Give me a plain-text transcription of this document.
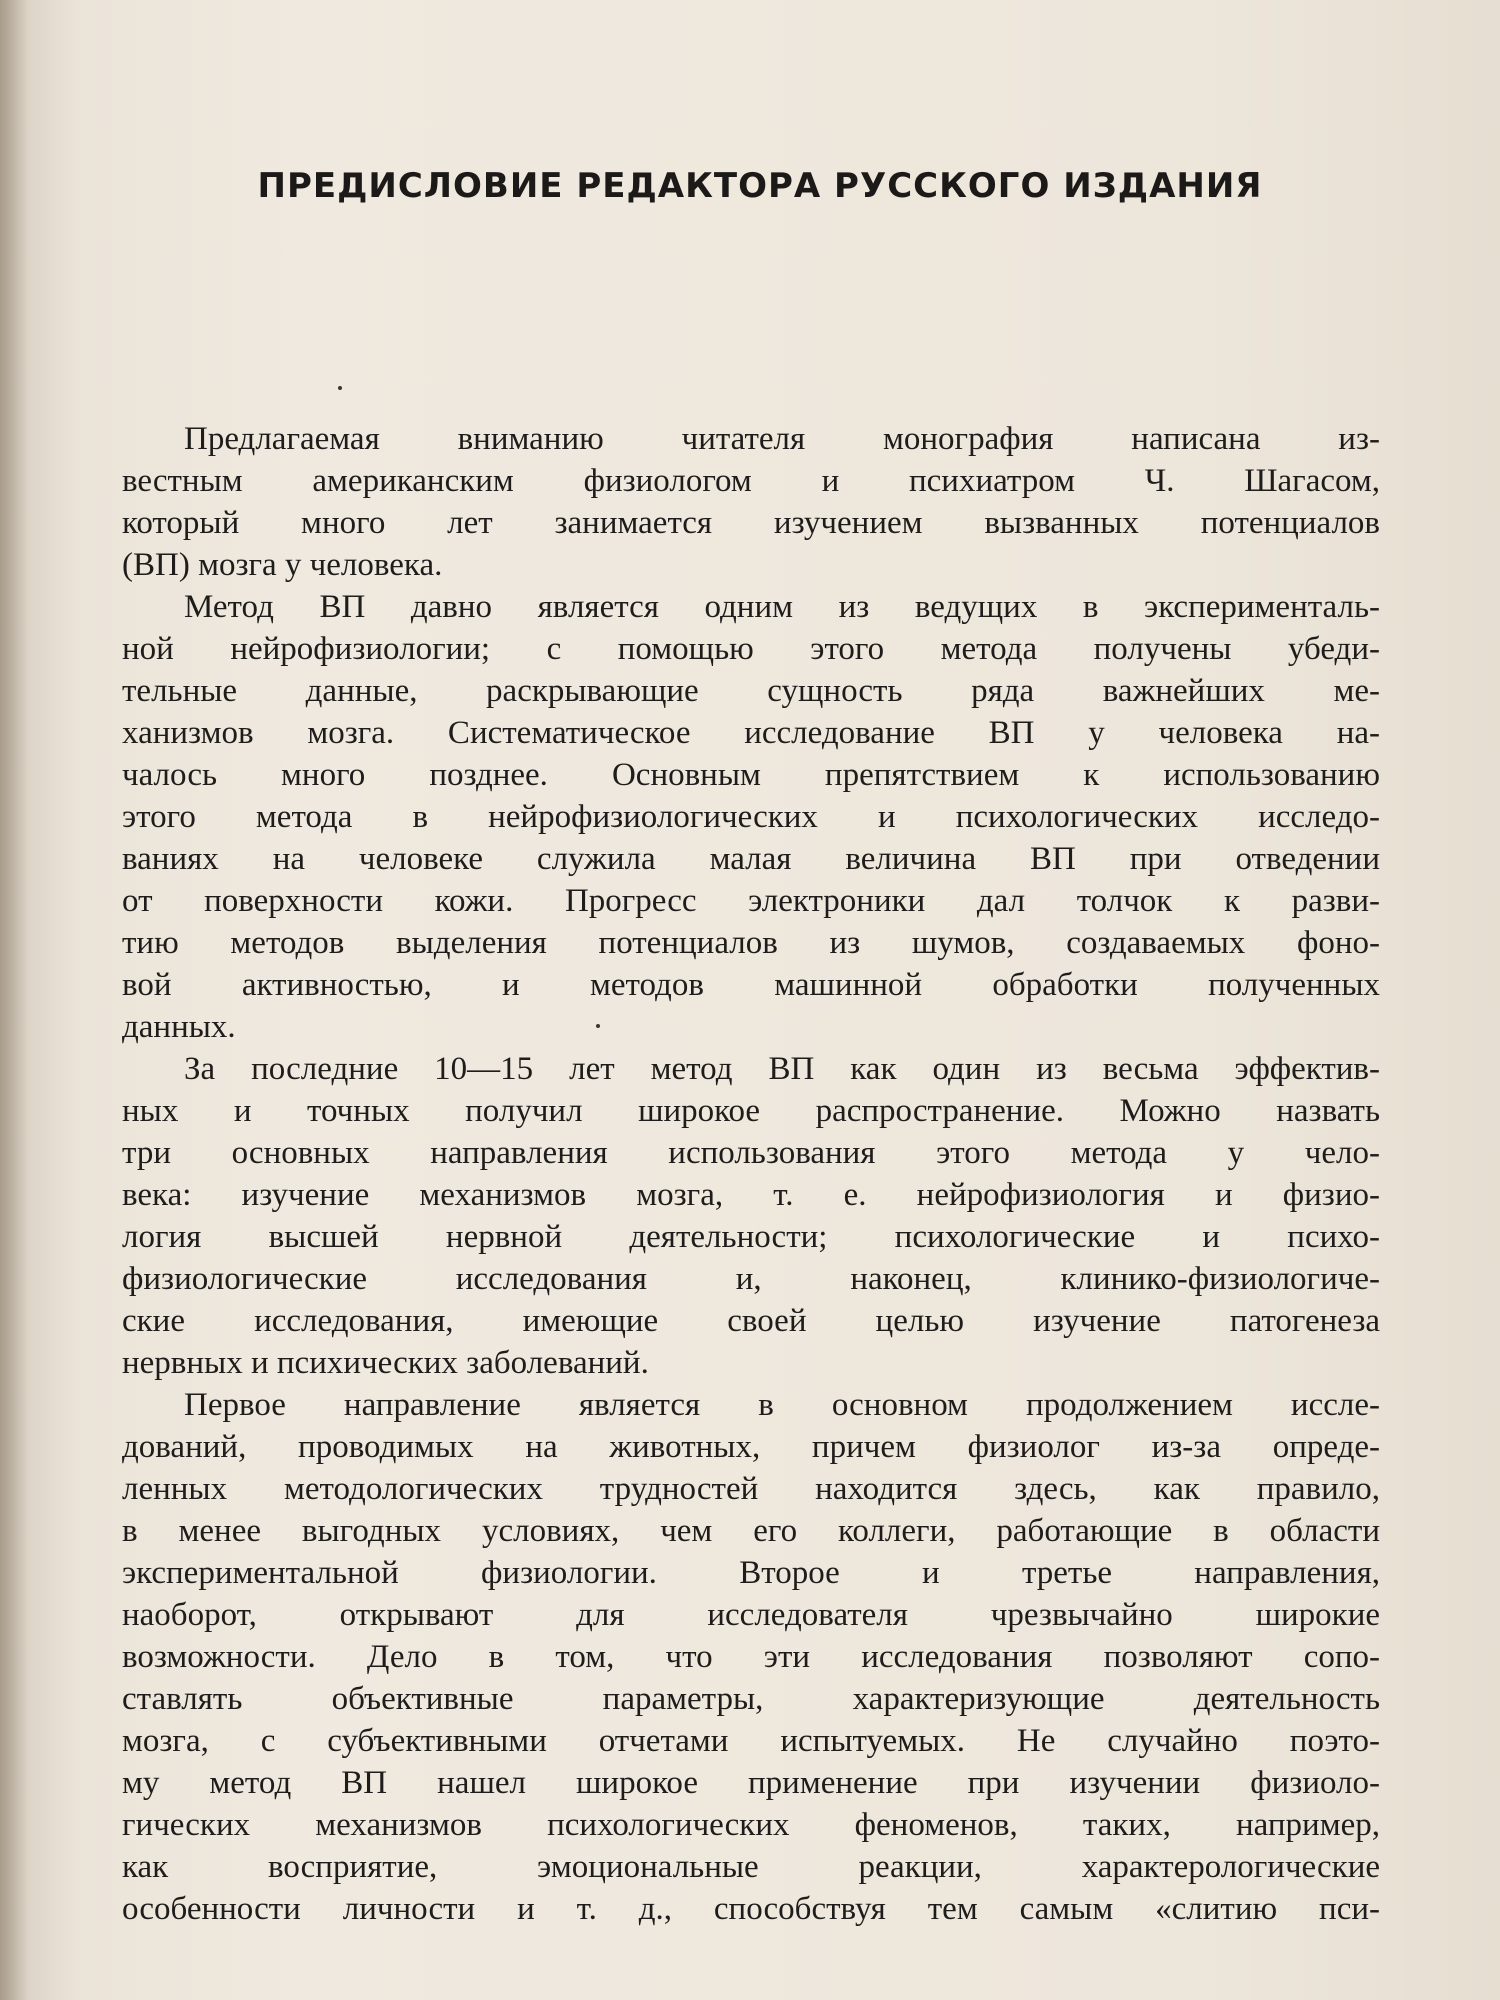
ПРЕДИСЛОВИЕ РЕДАКТОРА РУССКОГО ИЗДАНИЯ
Предлагаемая вниманию читателя монография написана из-
вестным американским физиологом и психиатром Ч. Шагасом,
который много лет занимается изучением вызванных потенциалов
(ВП) мозга у человека.
Метод ВП давно является одним из ведущих в эксперименталь-
ной нейрофизиологии; с помощью этого метода получены убеди-
тельные данные, раскрывающие сущность ряда важнейших ме-
ханизмов мозга. Систематическое исследование ВП у человека на-
чалось много позднее. Основным препятствием к использованию
этого метода в нейрофизиологических и психологических исследо-
ваниях на человеке служила малая величина ВП при отведении
от поверхности кожи. Прогресс электроники дал толчок к разви-
тию методов выделения потенциалов из шумов, создаваемых фоно-
вой активностью, и методов машинной обработки полученных
данных.
За последние 10—15 лет метод ВП как один из весьма эффектив-
ных и точных получил широкое распространение. Можно назвать
три основных направления использования этого метода у чело-
века: изучение механизмов мозга, т. е. нейрофизиология и физио-
логия высшей нервной деятельности; психологические и психо-
физиологические исследования и, наконец, клинико-физиологиче-
ские исследования, имеющие своей целью изучение патогенеза
нервных и психических заболеваний.
Первое направление является в основном продолжением иссле-
дований, проводимых на животных, причем физиолог из-за опреде-
ленных методологических трудностей находится здесь, как правило,
в менее выгодных условиях, чем его коллеги, работающие в области
экспериментальной физиологии. Второе и третье направления,
наоборот, открывают для исследователя чрезвычайно широкие
возможности. Дело в том, что эти исследования позволяют сопо-
ставлять объективные параметры, характеризующие деятельность
мозга, с субъективными отчетами испытуемых. Не случайно поэто-
му метод ВП нашел широкое применение при изучении физиоло-
гических механизмов психологических феноменов, таких, например,
как восприятие, эмоциональные реакции, характерологические
особенности личности и т. д., способствуя тем самым «слитию пси-
